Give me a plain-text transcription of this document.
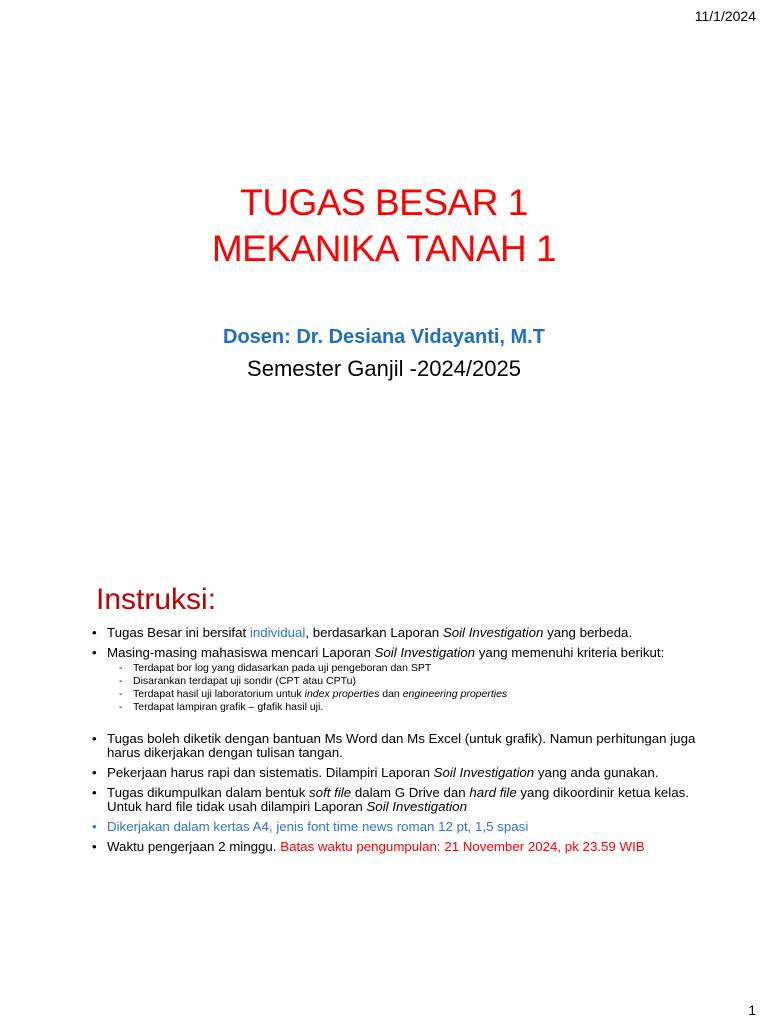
11/1/2024
TUGAS BESAR 1
MEKANIKA TANAH 1
Dosen: Dr. Desiana Vidayanti, M.T
Semester Ganjil -2024/2025
Instruksi:
• Tugas Besar ini bersifat individual, berdasarkan Laporan Soil Investigation yang berbeda.
• Masing-masing mahasiswa mencari Laporan Soil Investigation yang memenuhi kriteria berikut:
- Terdapat bor log yang didasarkan pada uji pengeboran dan SPT
- Disarankan terdapat uji sondir (CPT atau CPTu)
- Terdapat hasil uji laboratorium untuk index properties dan engineering properties
- Terdapat lampiran grafik – gfafik hasil uji.
• Tugas boleh diketik dengan bantuan Ms Word dan Ms Excel (untuk grafik). Namun perhitungan juga harus dikerjakan dengan tulisan tangan.
• Pekerjaan harus rapi dan sistematis. Dilampiri Laporan Soil Investigation yang anda gunakan.
• Tugas dikumpulkan dalam bentuk soft file dalam G Drive dan hard file yang dikoordinir ketua kelas. Untuk hard file tidak usah dilampiri Laporan Soil Investigation
• Dikerjakan dalam kertas A4, jenis font time news roman 12 pt, 1,5 spasi
• Waktu pengerjaan 2 minggu. Batas waktu pengumpulan: 21 November 2024, pk 23.59 WIB
1
